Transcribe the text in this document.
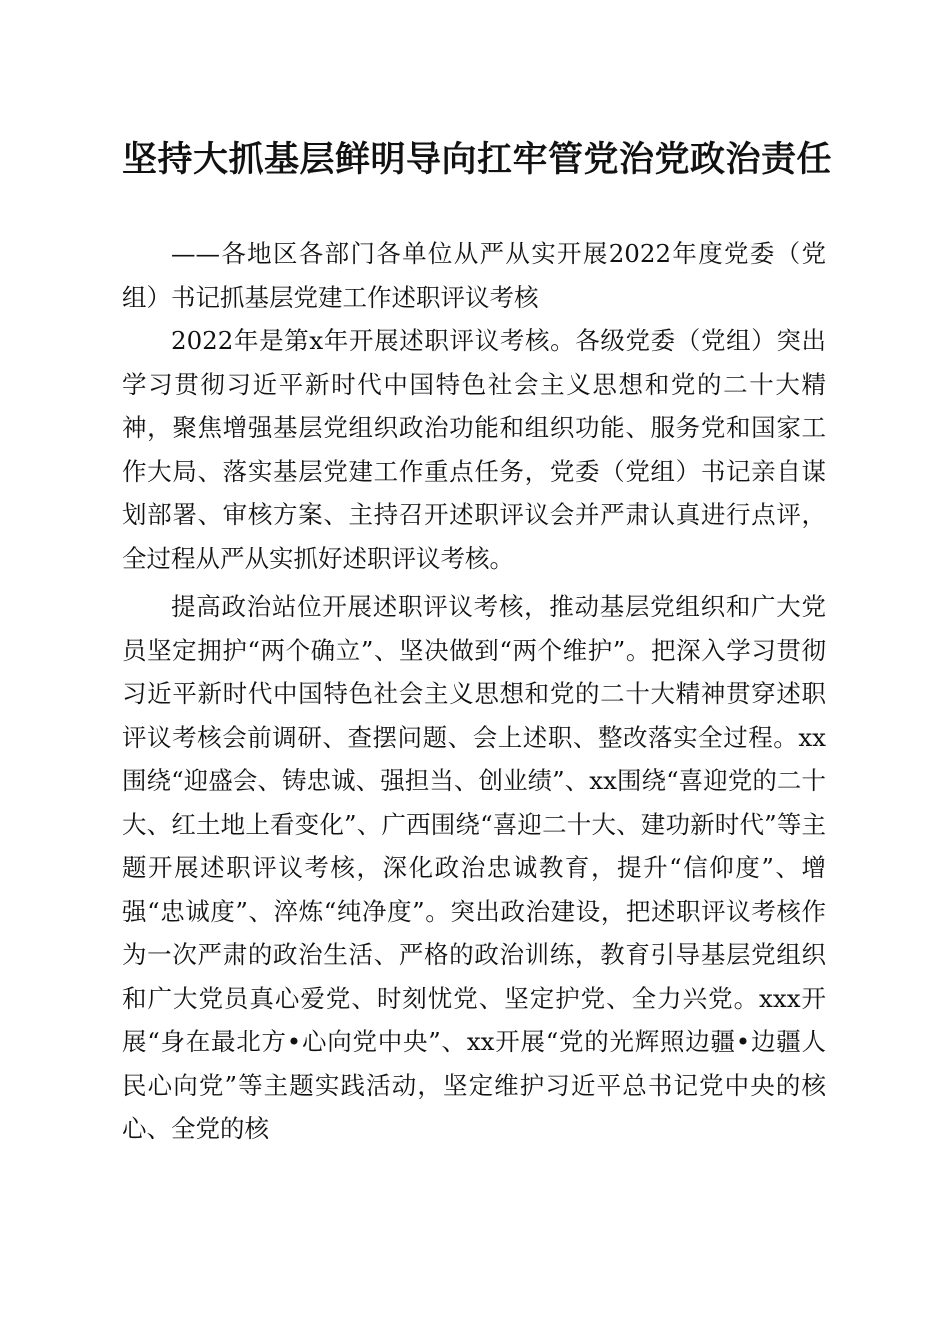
坚持大抓基层鲜明导向扛牢管党治党政治责任

——各地区各部门各单位从严从实开展2022年度党委（党组）书记抓基层党建工作述职评议考核

2022年是第x年开展述职评议考核。各级党委（党组）突出学习贯彻习近平新时代中国特色社会主义思想和党的二十大精神，聚焦增强基层党组织政治功能和组织功能、服务党和国家工作大局、落实基层党建工作重点任务，党委（党组）书记亲自谋划部署、审核方案、主持召开述职评议会并严肃认真进行点评，全过程从严从实抓好述职评议考核。

提高政治站位开展述职评议考核，推动基层党组织和广大党员坚定拥护“两个确立”、坚决做到“两个维护”。把深入学习贯彻习近平新时代中国特色社会主义思想和党的二十大精神贯穿述职评议考核会前调研、查摆问题、会上述职、整改落实全过程。xx围绕“迎盛会、铸忠诚、强担当、创业绩”、xx围绕“喜迎党的二十大、红土地上看变化”、广西围绕“喜迎二十大、建功新时代”等主题开展述职评议考核，深化政治忠诚教育，提升“信仰度”、增强“忠诚度”、淬炼“纯净度”。突出政治建设，把述职评议考核作为一次严肃的政治生活、严格的政治训练，教育引导基层党组织和广大党员真心爱党、时刻忧党、坚定护党、全力兴党。xxx开展“身在最北方•心向党中央”、xx开展“党的光辉照边疆•边疆人民心向党”等主题实践活动，坚定维护习近平总书记党中央的核心、全党的核
